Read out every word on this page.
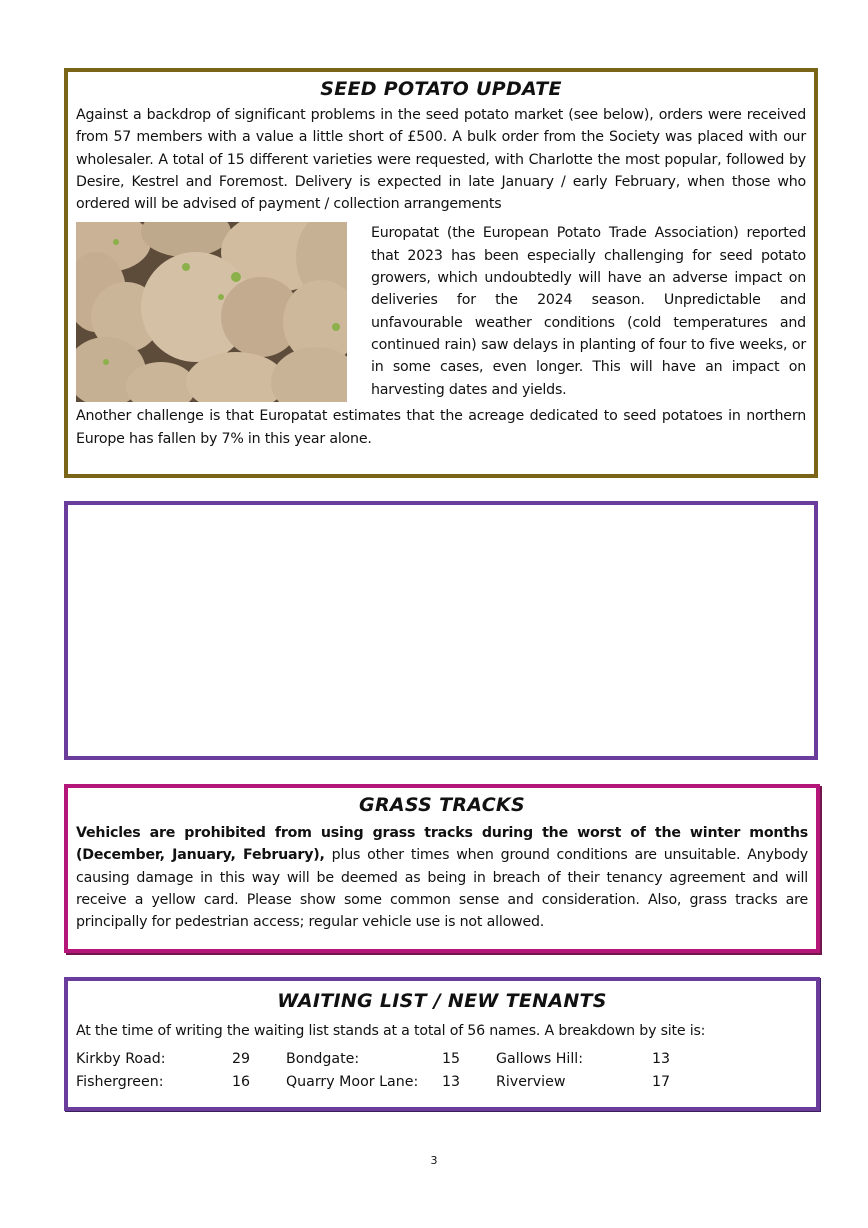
SEED POTATO UPDATE
Against a backdrop of significant problems in the seed potato market (see below), orders were received from 57 members with a value a little short of £500. A bulk order from the Society was placed with our wholesaler. A total of 15 different varieties were requested, with Charlotte the most popular, followed by Desire, Kestrel and Foremost. Delivery is expected in late January / early February, when those who ordered will be advised of payment / collection arrangements
Europatat (the European Potato Trade Association) reported that 2023 has been especially challenging for seed potato growers, which undoubtedly will have an adverse impact on deliveries for the 2024 season. Unpredictable and unfavourable weather conditions (cold temperatures and continued rain) saw delays in planting of four to five weeks, or in some cases, even longer. This will have an impact on harvesting dates and yields.
Another challenge is that Europatat estimates that the acreage dedicated to seed potatoes in northern Europe has fallen by 7% in this year alone.
GRASS TRACKS
Vehicles are prohibited from using grass tracks during the worst of the winter months (December, January, February), plus other times when ground conditions are unsuitable. Anybody causing damage in this way will be deemed as being in breach of their tenancy agreement and will receive a yellow card. Please show some common sense and consideration. Also, grass tracks are principally for pedestrian access; regular vehicle use is not allowed.
WAITING LIST / NEW TENANTS
At the time of writing the waiting list stands at a total of 56 names. A breakdown by site is:
Kirkby Road:	29	Bondgate:	15	Gallows Hill:	13
Fishergreen:	16	Quarry Moor Lane:	13	Riverview	17
3
